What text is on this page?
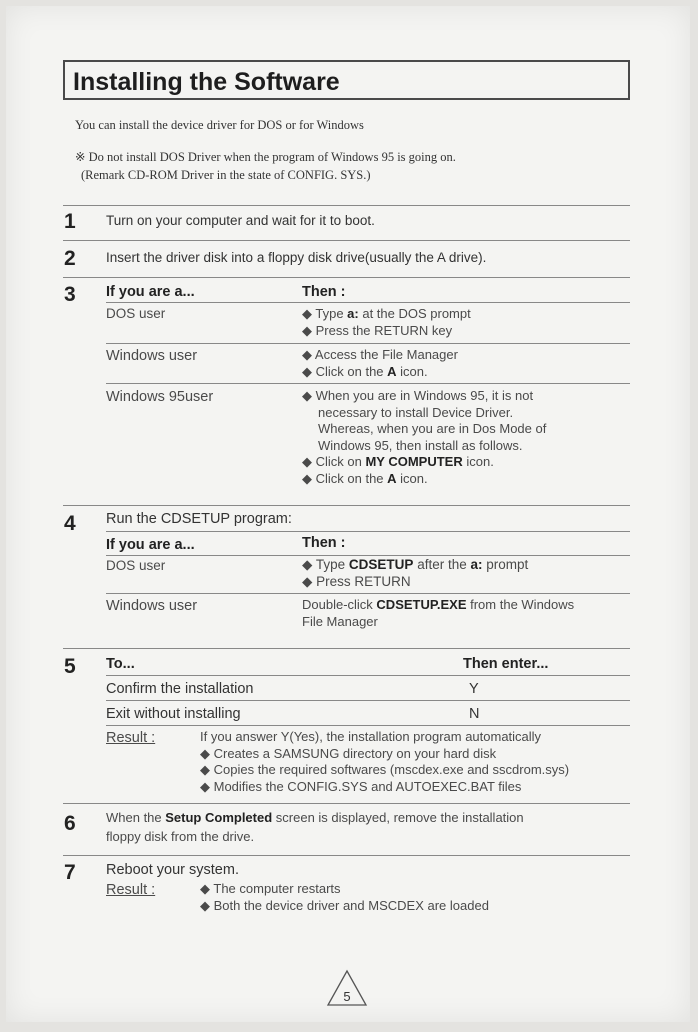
Installing the Software
You can install the device driver for DOS or for Windows
※ Do not install DOS Driver when the program of Windows 95 is going on.
(Remark CD-ROM Driver in the state of CONFIG. SYS.)
1 Turn on your computer and wait for it to boot.
2 Insert the driver disk into a floppy disk drive(usually the A drive).
3 If you are a...	Then :
DOS user	◆ Type a: at the DOS prompt
◆ Press the RETURN key
Windows user	◆ Access the File Manager
◆ Click on the A icon.
Windows 95user	◆ When you are in Windows 95, it is not
necessary to install Device Driver.
Whereas, when you are in Dos Mode of
Windows 95, then install as follows.
◆ Click on MY COMPUTER icon.
◆ Click on the A icon.
4 Run the CDSETUP program:
If you are a...	Then :
DOS user	◆ Type CDSETUP after the a: prompt
◆ Press RETURN
Windows user	Double-click CDSETUP.EXE from the Windows
File Manager
5 To...	Then enter...
Confirm the installation	Y
Exit without installing	N
Result :	If you answer Y(Yes), the installation program automatically
◆ Creates a SAMSUNG directory on your hard disk
◆ Copies the required softwares (mscdex.exe and sscdrom.sys)
◆ Modifies the CONFIG.SYS and AUTOEXEC.BAT files
6 When the Setup Completed screen is displayed, remove the installation
floppy disk from the drive.
7 Reboot your system.
Result :	◆ The computer restarts
◆ Both the device driver and MSCDEX are loaded
5
